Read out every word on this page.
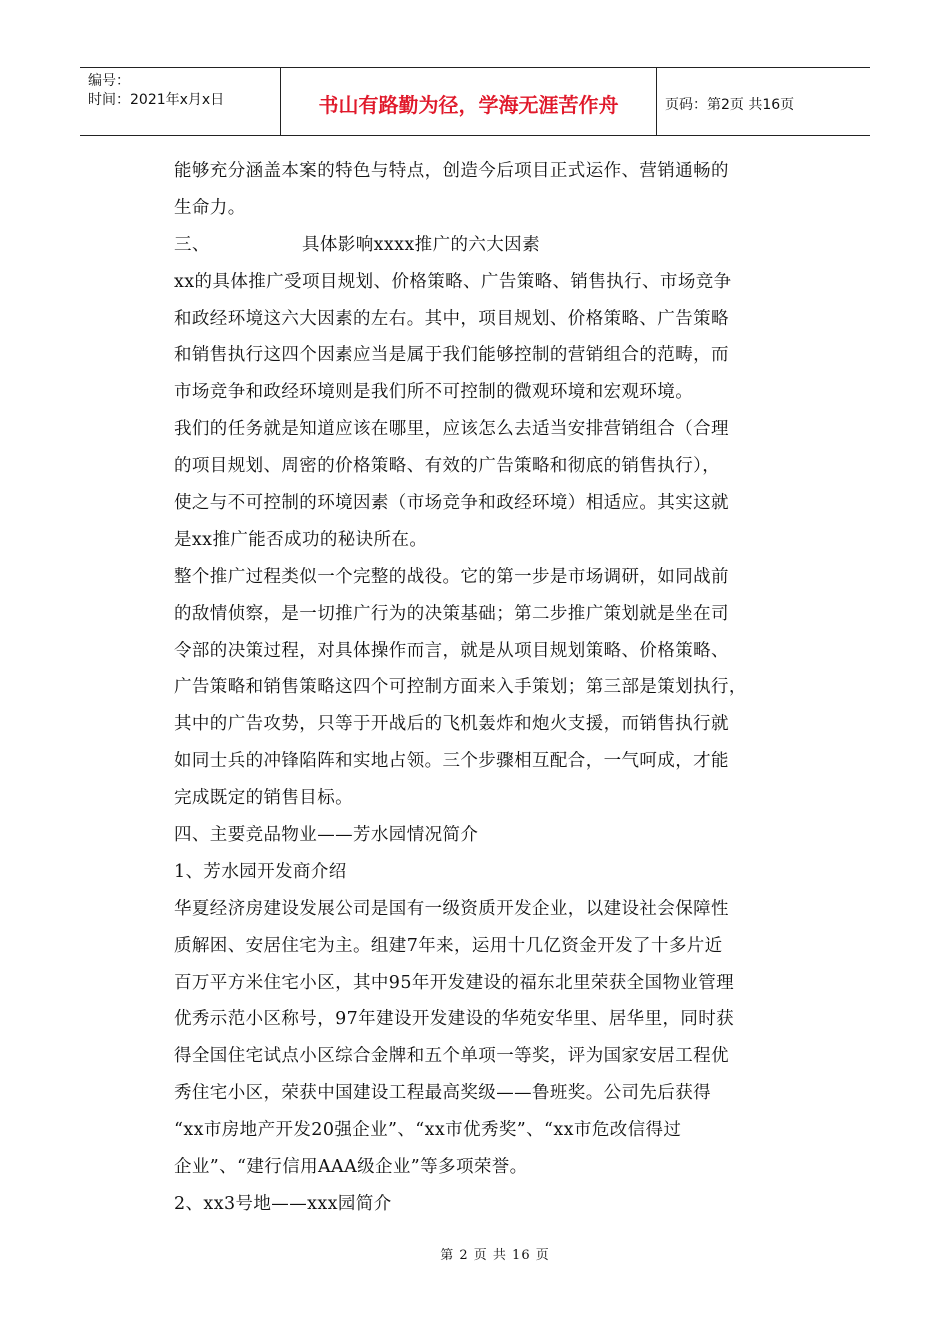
编号：
时间：2021年x月x日	书山有路勤为径，学海无涯苦作舟	页码：第2页 共16页
能够充分涵盖本案的特色与特点，创造今后项目正式运作、营销通畅的
生命力。
三、	具体影响xxxx推广的六大因素
xx的具体推广受项目规划、价格策略、广告策略、销售执行、市场竞争
和政经环境这六大因素的左右。其中，项目规划、价格策略、广告策略
和销售执行这四个因素应当是属于我们能够控制的营销组合的范畴，而
市场竞争和政经环境则是我们所不可控制的微观环境和宏观环境。
我们的任务就是知道应该在哪里，应该怎么去适当安排营销组合（合理
的项目规划、周密的价格策略、有效的广告策略和彻底的销售执行），
使之与不可控制的环境因素（市场竞争和政经环境）相适应。其实这就
是xx推广能否成功的秘诀所在。
整个推广过程类似一个完整的战役。它的第一步是市场调研，如同战前
的敌情侦察，是一切推广行为的决策基础；第二步推广策划就是坐在司
令部的决策过程，对具体操作而言，就是从项目规划策略、价格策略、
广告策略和销售策略这四个可控制方面来入手策划；第三部是策划执行，
其中的广告攻势，只等于开战后的飞机轰炸和炮火支援，而销售执行就
如同士兵的冲锋陷阵和实地占领。三个步骤相互配合，一气呵成，才能
完成既定的销售目标。
四、主要竞品物业——芳水园情况简介
1、芳水园开发商介绍
华夏经济房建设发展公司是国有一级资质开发企业，以建设社会保障性
质解困、安居住宅为主。组建7年来，运用十几亿资金开发了十多片近
百万平方米住宅小区，其中95年开发建设的福东北里荣获全国物业管理
优秀示范小区称号，97年建设开发建设的华苑安华里、居华里，同时获
得全国住宅试点小区综合金牌和五个单项一等奖，评为国家安居工程优
秀住宅小区，荣获中国建设工程最高奖级——鲁班奖。公司先后获得
“xx市房地产开发20强企业”、“xx市优秀奖”、“xx市危改信得过
企业”、“建行信用AAA级企业”等多项荣誉。
2、xx3号地——xxx园简介
第 2 页 共 16 页
